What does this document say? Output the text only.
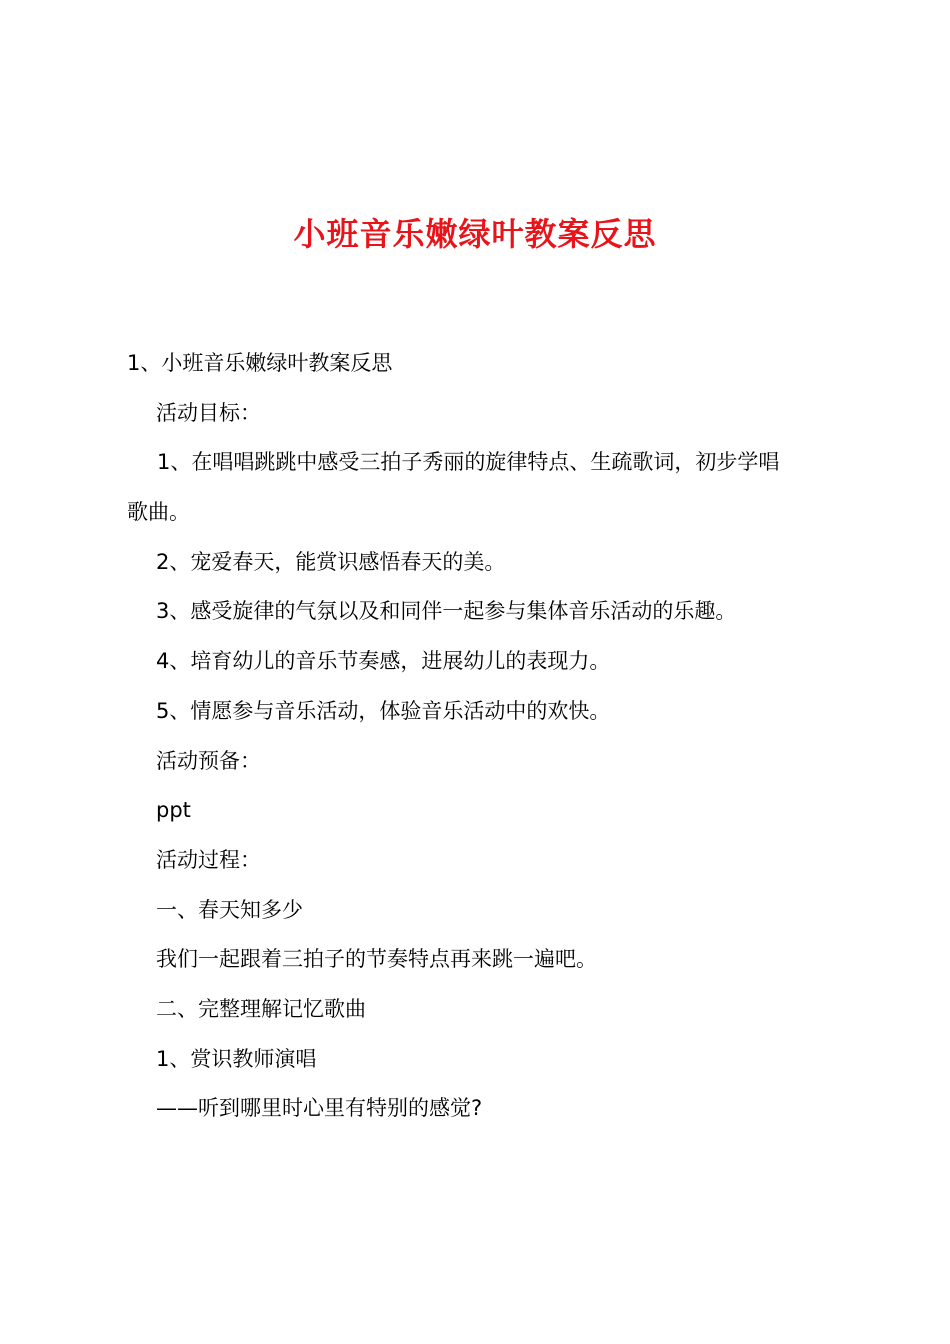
小班音乐嫩绿叶教案反思
1、小班音乐嫩绿叶教案反思
活动目标：
1、在唱唱跳跳中感受三拍子秀丽的旋律特点、生疏歌词，初步学唱
歌曲。
2、宠爱春天，能赏识感悟春天的美。
3、感受旋律的气氛以及和同伴一起参与集体音乐活动的乐趣。
4、培育幼儿的音乐节奏感，进展幼儿的表现力。
5、情愿参与音乐活动，体验音乐活动中的欢快。
活动预备：
ppt
活动过程：
一、春天知多少
我们一起跟着三拍子的节奏特点再来跳一遍吧。
二、完整理解记忆歌曲
1、赏识教师演唱
——听到哪里时心里有特别的感觉?
